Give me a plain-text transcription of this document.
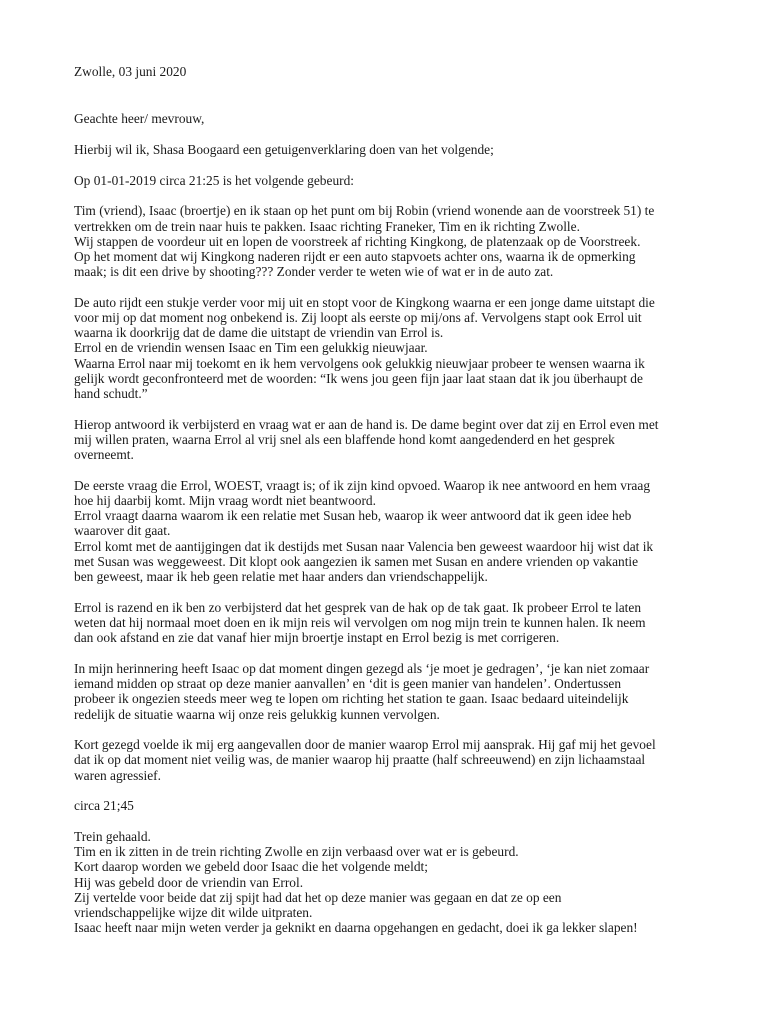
Zwolle, 03 juni 2020
Geachte heer/ mevrouw,
Hierbij wil ik, Shasa Boogaard een getuigenverklaring doen van het volgende;
Op 01-01-2019 circa 21:25 is het volgende gebeurd:
Tim (vriend), Isaac (broertje) en ik staan op het punt om bij Robin (vriend wonende aan de voorstreek 51) te
vertrekken om de trein naar huis te pakken. Isaac richting Franeker, Tim en ik richting Zwolle.
Wij stappen de voordeur uit en lopen de voorstreek af richting Kingkong, de platenzaak op de Voorstreek.
Op het moment dat wij Kingkong naderen rijdt er een auto stapvoets achter ons, waarna ik de opmerking
maak; is dit een drive by shooting??? Zonder verder te weten wie of wat er in de auto zat.
De auto rijdt een stukje verder voor mij uit en stopt voor de Kingkong waarna er een jonge dame uitstapt die
voor mij op dat moment nog onbekend is. Zij loopt als eerste op mij/ons af. Vervolgens stapt ook Errol uit
waarna ik doorkrijg dat de dame die uitstapt de vriendin van Errol is.
Errol en de vriendin wensen Isaac en Tim een gelukkig nieuwjaar.
Waarna Errol naar mij toekomt en ik hem vervolgens ook gelukkig nieuwjaar probeer te wensen waarna ik
gelijk wordt geconfronteerd met de woorden: “Ik wens jou geen fijn jaar laat staan dat ik jou überhaupt de
hand schudt.”
Hierop antwoord ik verbijsterd en vraag wat er aan de hand is. De dame begint over dat zij en Errol even met
mij willen praten, waarna Errol al vrij snel als een blaffende hond komt aangedenderd en het gesprek
overneemt.
De eerste vraag die Errol, WOEST, vraagt is; of ik zijn kind opvoed. Waarop ik nee antwoord en hem vraag
hoe hij daarbij komt. Mijn vraag wordt niet beantwoord.
Errol vraagt daarna waarom ik een relatie met Susan heb, waarop ik weer antwoord dat ik geen idee heb
waarover dit gaat.
Errol komt met de aantijgingen dat ik destijds met Susan naar Valencia ben geweest waardoor hij wist dat ik
met Susan was weggeweest. Dit klopt ook aangezien ik samen met Susan en andere vrienden op vakantie
ben geweest, maar ik heb geen relatie met haar anders dan vriendschappelijk.
Errol is razend en ik ben zo verbijsterd dat het gesprek van de hak op de tak gaat. Ik probeer Errol te laten
weten dat hij normaal moet doen en ik mijn reis wil vervolgen om nog mijn trein te kunnen halen. Ik neem
dan ook afstand en zie dat vanaf hier mijn broertje instapt en Errol bezig is met corrigeren.
In mijn herinnering heeft Isaac op dat moment dingen gezegd als ‘je moet je gedragen’, ‘je kan niet zomaar
iemand midden op straat op deze manier aanvallen’ en ‘dit is geen manier van handelen’. Ondertussen
probeer ik ongezien steeds meer weg te lopen om richting het station te gaan. Isaac bedaard uiteindelijk
redelijk de situatie waarna wij onze reis gelukkig kunnen vervolgen.
Kort gezegd voelde ik mij erg aangevallen door de manier waarop Errol mij aansprak. Hij gaf mij het gevoel
dat ik op dat moment niet veilig was, de manier waarop hij praatte (half schreeuwend) en zijn lichaamstaal
waren agressief.
circa 21;45
Trein gehaald.
Tim en ik zitten in de trein richting Zwolle en zijn verbaasd over wat er is gebeurd.
Kort daarop worden we gebeld door Isaac die het volgende meldt;
Hij was gebeld door de vriendin van Errol.
Zij vertelde voor beide dat zij spijt had dat het op deze manier was gegaan en dat ze op een
vriendschappelijke wijze dit wilde uitpraten.
Isaac heeft naar mijn weten verder ja geknikt en daarna opgehangen en gedacht, doei ik ga lekker slapen!
